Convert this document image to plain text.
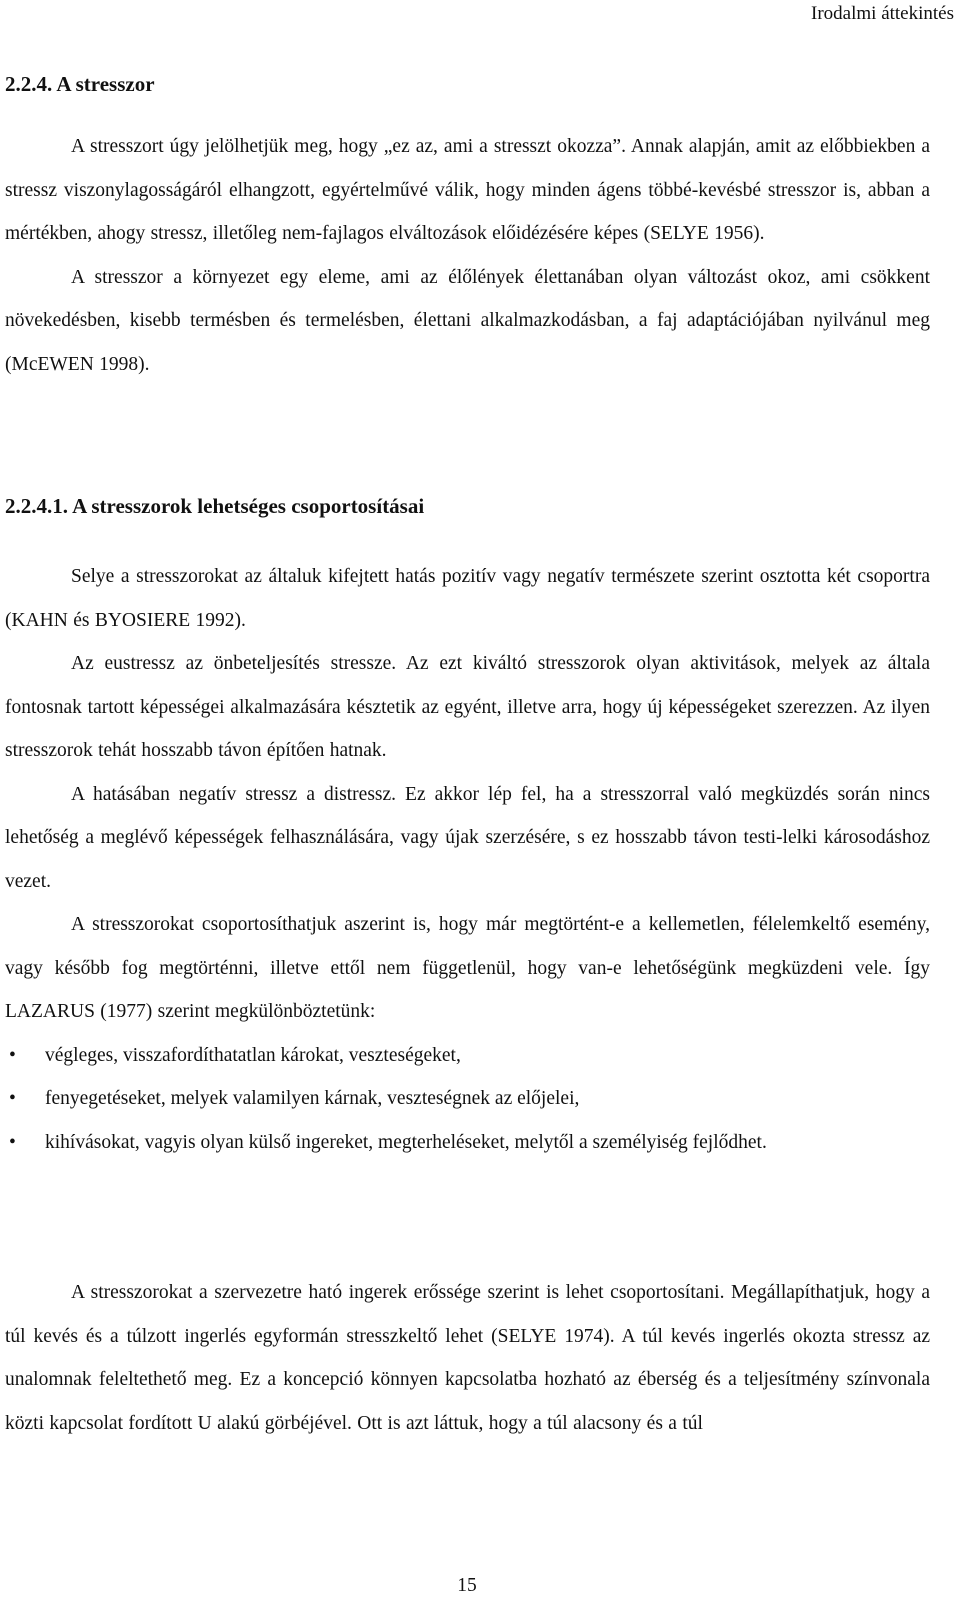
Irodalmi áttekintés
2.2.4. A stresszor

A stresszort úgy jelölhetjük meg, hogy „ez az, ami a stresszt okozza”. Annak alapján, amit az előbbiekben a stressz viszonylagosságáról elhangzott, egyértelművé válik, hogy minden ágens többé-kevésbé stresszor is, abban a mértékben, ahogy stressz, illetőleg nem-fajlagos elváltozások előidézésére képes (SELYE 1956).

A stresszor a környezet egy eleme, ami az élőlények élettanában olyan változást okoz, ami csökkent növekedésben, kisebb termésben és termelésben, élettani alkalmazkodásban, a faj adaptációjában nyilvánul meg (McEWEN 1998).

2.2.4.1. A stresszorok lehetséges csoportosításai

Selye a stresszorokat az általuk kifejtett hatás pozitív vagy negatív természete szerint osztotta két csoportra (KAHN és BYOSIERE 1992).

Az eustressz az önbeteljesítés stressze. Az ezt kiváltó stresszorok olyan aktivitások, melyek az általa fontosnak tartott képességei alkalmazására késztetik az egyént, illetve arra, hogy új képességeket szerezzen. Az ilyen stresszorok tehát hosszabb távon építően hatnak.

A hatásában negatív stressz a distressz. Ez akkor lép fel, ha a stresszorral való megküzdés során nincs lehetőség a meglévő képességek felhasználására, vagy újak szerzésére, s ez hosszabb távon testi-lelki károsodáshoz vezet.

A stresszorokat csoportosíthatjuk aszerint is, hogy már megtörtént-e a kellemetlen, félelemkeltő esemény, vagy később fog megtörténni, illetve ettől nem függetlenül, hogy van-e lehetőségünk megküzdeni vele. Így LAZARUS (1977) szerint megkülönböztetünk:

• végleges, visszafordíthatatlan károkat, veszteségeket,
• fenyegetéseket, melyek valamilyen kárnak, veszteségnek az előjelei,
• kihívásokat, vagyis olyan külső ingereket, megterheléseket, melytől a személyiség fejlődhet.

A stresszorokat a szervezetre ható ingerek erőssége szerint is lehet csoportosítani. Megállapíthatjuk, hogy a túl kevés és a túlzott ingerlés egyformán stresszkeltő lehet (SELYE 1974). A túl kevés ingerlés okozta stressz az unalomnak feleltethető meg. Ez a koncepció könnyen kapcsolatba hozható az éberség és a teljesítmény színvonala közti kapcsolat fordított U alakú görbéjével. Ott is azt láttuk, hogy a túl alacsony és a túl

15
